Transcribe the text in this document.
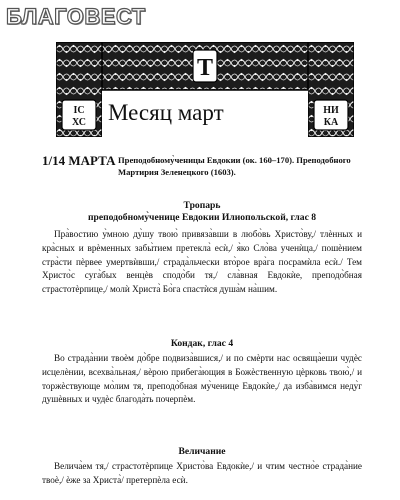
БЛАГОВЕСТ
Т
IС
ХС
НИ
КА
Месяц март
1/14 МАРТА Преподобному̀ченицы Евдокии (ок. 160–170). Преподобного Мартирия Зеленецкого (1603).
Тропарь
преподобному̀ченице Евдокии Илиопольской, глас 8

Пра̀востию у̀мною ду̀шу твою̀ привяза̀вши в любо̀вь Христо̀ву,/ тлѐнных и кра̀сных и врѐменных забы̀тием претекла̀ есѝ,/ я̀ко Сло̀ва ученѝца,/ пошѐнием стра̀сти пѐрвее умертвѝвши,/ страда̀льчески вто̀рое вра̀га посрамѝла есѝ./ Тем Христо̀с суга̀бых венцѐв сподо̀би тя,/ сла̀вная Евдокѝе, преподо̀бная страстотѐрпице,/ молѝ Христа̀ Бо̀га спастѝся душа̀м на̀шим.

Кондак, глас 4

Во страда̀нии твоѐм до̀бре подвиза̀вшися,/ и по смѐрти нас освяща̀еши чудѐс исцелѐнии, всехва̀льная,/ вѐрою прибега̀ющия в Божѐственную цѐрковь твою̀,/ и торжѐствующе мо̀лим тя, преподо̀бная му̀ченице Евдокѝе,/ да изба̀вимся неду̀г душѐвных и чудѐс благода̀ть почерпѐм.

Величание

Велича̀ем тя,/ страстотѐрпице Христо̀ва Евдокѝе,/ и чтим честно̀е страда̀ние твоѐ,/ ѐже за Христа̀/ претерпѐла есѝ.
